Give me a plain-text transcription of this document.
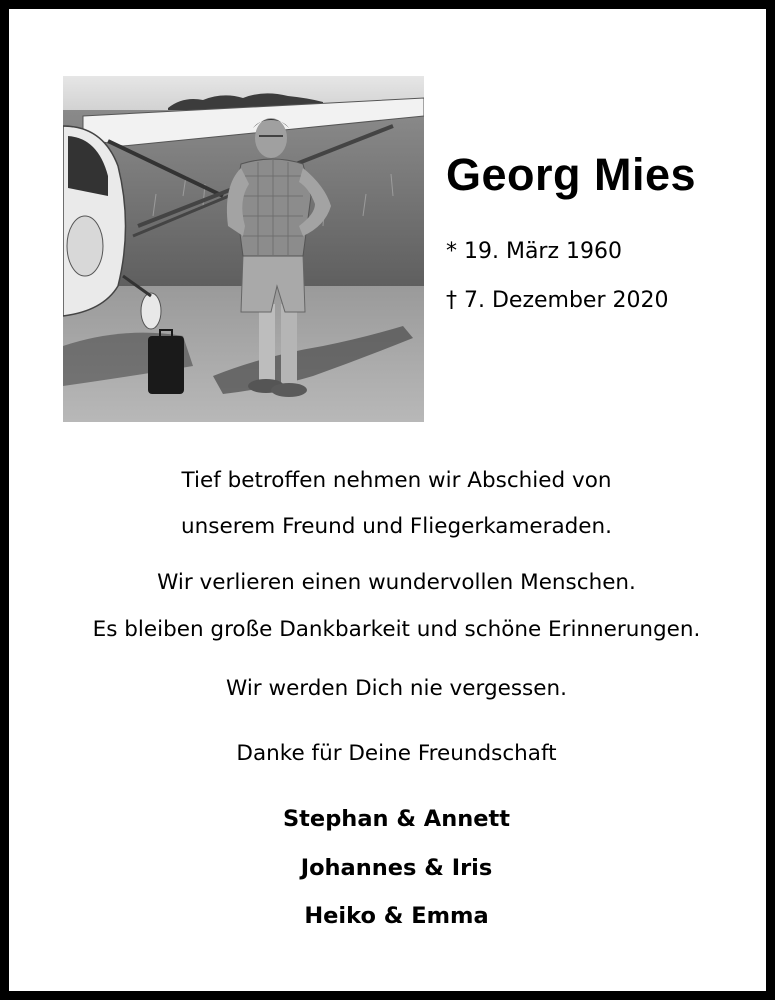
Georg Mies
* 19. März 1960
† 7. Dezember 2020
Tief betroffen nehmen wir Abschied von
unserem Freund und Fliegerkameraden.
Wir verlieren einen wundervollen Menschen.
Es bleiben große Dankbarkeit und schöne Erinnerungen.
Wir werden Dich nie vergessen.
Danke für Deine Freundschaft
Stephan & Annett
Johannes & Iris
Heiko & Emma
